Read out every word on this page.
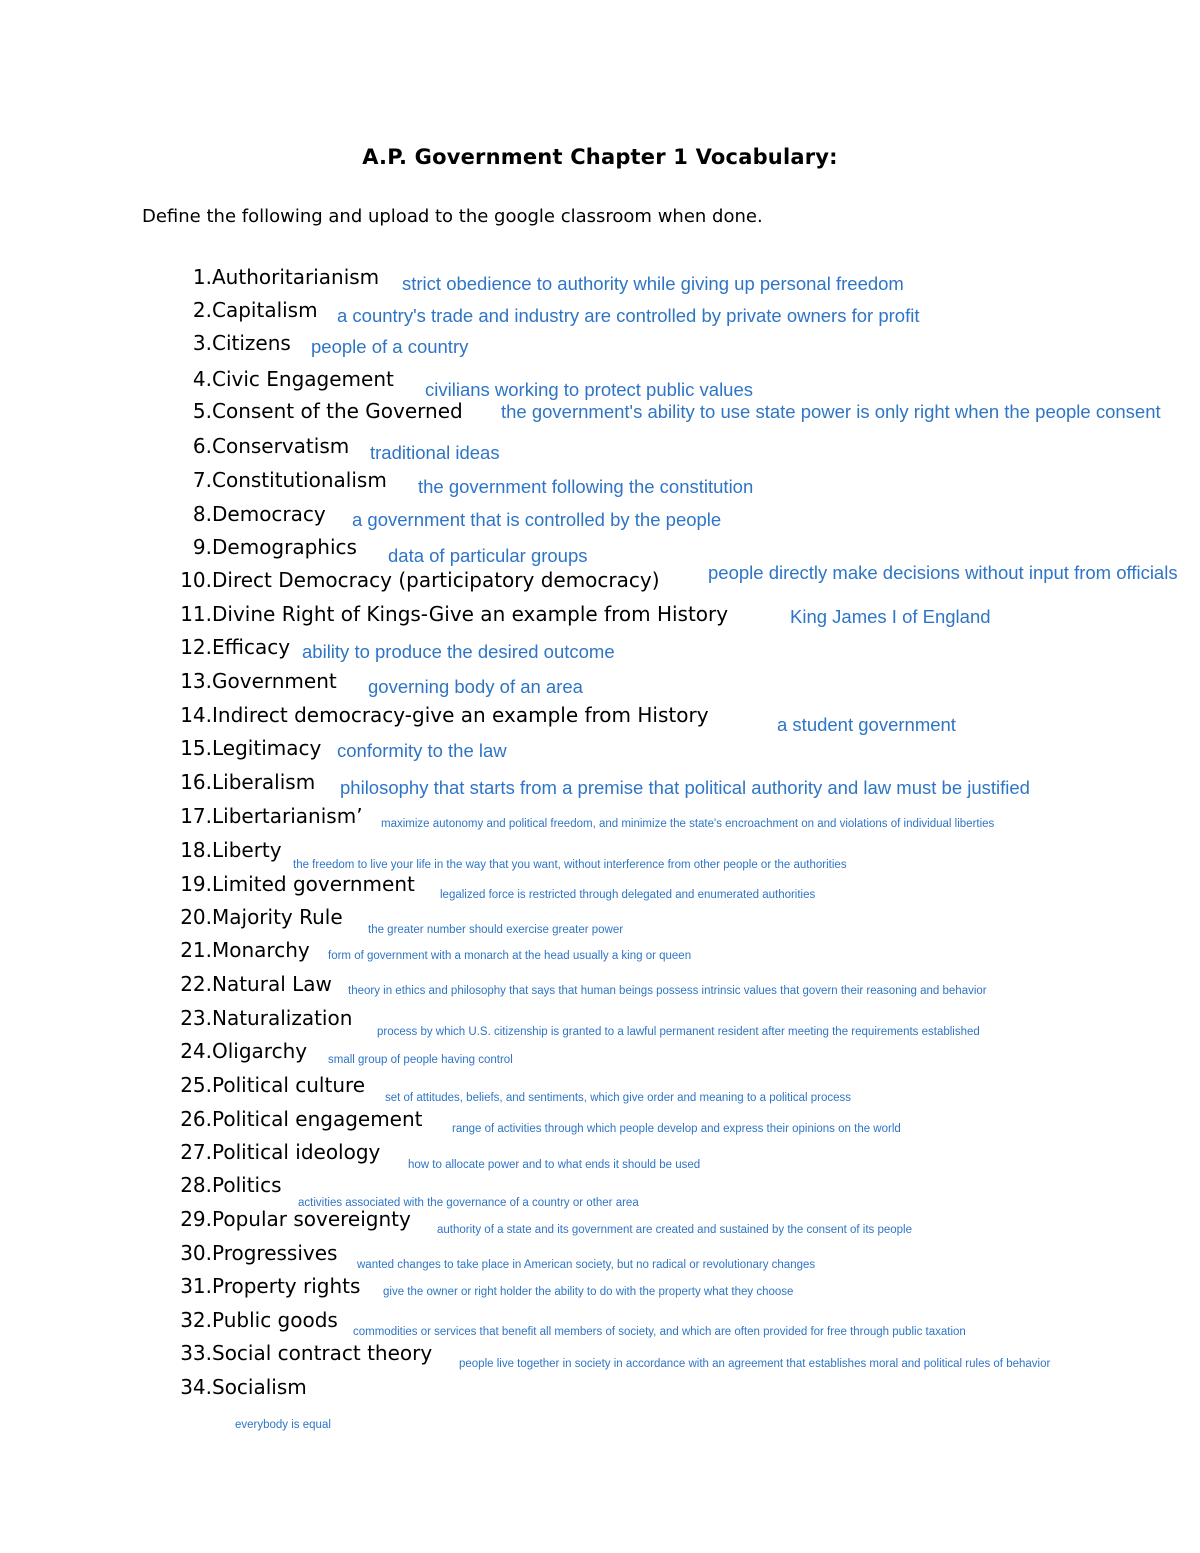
A.P. Government Chapter 1 Vocabulary:
Define the following and upload to the google classroom when done.
1. Authoritarianism strict obedience to authority while giving up personal freedom
2. Capitalism a country's trade and industry are controlled by private owners for profit
3. Citizens people of a country
4. Civic Engagement civilians working to protect public values
5. Consent of the Governed the government's ability to use state power is only right when the people consent
6. Conservatism traditional ideas
7. Constitutionalism the government following the constitution
8. Democracy a government that is controlled by the people
9. Demographics data of particular groups
10. Direct Democracy (participatory democracy)	people directly make decisions without input from officials
11. Divine Right of Kings-Give an example from History	King James I of England
12. Efficacy ability to produce the desired outcome
13. Government governing body of an area
14. Indirect democracy-give an example from History	a student government
15. Legitimacy conformity to the law
16. Liberalism philosophy that starts from a premise that political authority and law must be justified
17. Libertarianism’ maximize autonomy and political freedom, and minimize the state's encroachment on and violations of individual liberties
18. Liberty
the freedom to live your life in the way that you want, without interference from other people or the authorities
19. Limited government legalized force is restricted through delegated and enumerated authorities
20. Majority Rule
the greater number should exercise greater power
21. Monarchy form of government with a monarch at the head usually a king or queen
22. Natural Law theory in ethics and philosophy that says that human beings possess intrinsic values that govern their reasoning and behavior
23. Naturalization
process by which U.S. citizenship is granted to a lawful permanent resident after meeting the requirements established
24. Oligarchy small group of people having control
25. Political culture
set of attitudes, beliefs, and sentiments, which give order and meaning to a political process
26. Political engagement	range of activities through which people develop and express their opinions on the world
27. Political ideology
how to allocate power and to what ends it should be used
28. Politics
activities associated with the governance of a country or other area
29. Popular sovereignty authority of a state and its government are created and sustained by the consent of its people
30. Progressives wanted changes to take place in American society, but no radical or revolutionary changes
31. Property rights give the owner or right holder the ability to do with the property what they choose
32. Public goods commodities or services that benefit all members of society, and which are often provided for free through public taxation
33. Social contract theory people live together in society in accordance with an agreement that establishes moral and political rules of behavior
34. Socialism
everybody is equal
